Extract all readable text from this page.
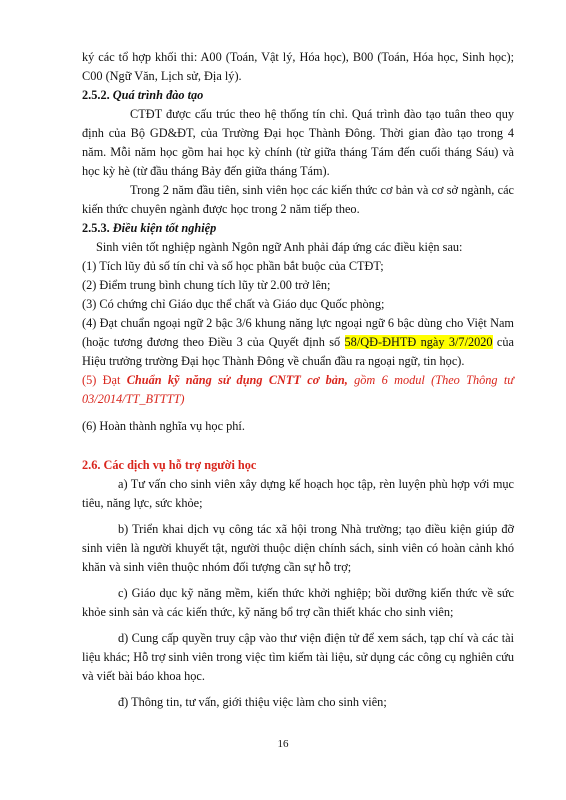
ký các tổ hợp khối thi: A00 (Toán, Vật lý, Hóa học), B00 (Toán, Hóa học, Sinh học); C00 (Ngữ Văn, Lịch sử, Địa lý).

2.5.2. Quá trình đào tạo

CTĐT được cấu trúc theo hệ thống tín chỉ. Quá trình đào tạo tuân theo quy định của Bộ GD&ĐT, của Trường Đại học Thành Đông. Thời gian đào tạo trong 4 năm. Mỗi năm học gồm hai học kỳ chính (từ giữa tháng Tám đến cuối tháng Sáu) và học kỳ hè (từ đầu tháng Bảy đến giữa tháng Tám).

Trong 2 năm đầu tiên, sinh viên học các kiến thức cơ bản và cơ sở ngành, các kiến thức chuyên ngành được học trong 2 năm tiếp theo.

2.5.3. Điều kiện tốt nghiệp

Sinh viên tốt nghiệp ngành Ngôn ngữ Anh phải đáp ứng các điều kiện sau:

(1) Tích lũy đủ số tín chỉ và số học phần bắt buộc của CTĐT;

(2) Điểm trung bình chung tích lũy từ 2.00 trở lên;

(3) Có chứng chỉ Giáo dục thể chất và Giáo dục Quốc phòng;

(4) Đạt chuẩn ngoại ngữ 2 bậc 3/6 khung năng lực ngoại ngữ 6 bậc dùng cho Việt Nam (hoặc tương đương theo Điều 3 của Quyết định số 58/QĐ-ĐHTĐ ngày 3/7/2020 của Hiệu trưởng trường Đại học Thành Đông về chuẩn đầu ra ngoại ngữ, tin học).

(5) Đạt Chuẩn kỹ năng sử dụng CNTT cơ bản, gồm 6 modul (Theo Thông tư 03/2014/TT_BTTTT)

(6) Hoàn thành nghĩa vụ học phí.

2.6. Các dịch vụ hỗ trợ người học

a) Tư vấn cho sinh viên xây dựng kế hoạch học tập, rèn luyện phù hợp với mục tiêu, năng lực, sức khỏe;

b) Triển khai dịch vụ công tác xã hội trong Nhà trường; tạo điều kiện giúp đỡ sinh viên là người khuyết tật, người thuộc diện chính sách, sinh viên có hoàn cảnh khó khăn và sinh viên thuộc nhóm đối tượng cần sự hỗ trợ;

c) Giáo dục kỹ năng mềm, kiến thức khởi nghiệp; bồi dưỡng kiến thức về sức khỏe sinh sản và các kiến thức, kỹ năng bổ trợ cần thiết khác cho sinh viên;

d) Cung cấp quyền truy cập vào thư viện điện tử để xem sách, tạp chí và các tài liệu khác; Hỗ trợ sinh viên trong việc tìm kiếm tài liệu, sử dụng các công cụ nghiên cứu và viết bài báo khoa học.

đ) Thông tin, tư vấn, giới thiệu việc làm cho sinh viên;

16
